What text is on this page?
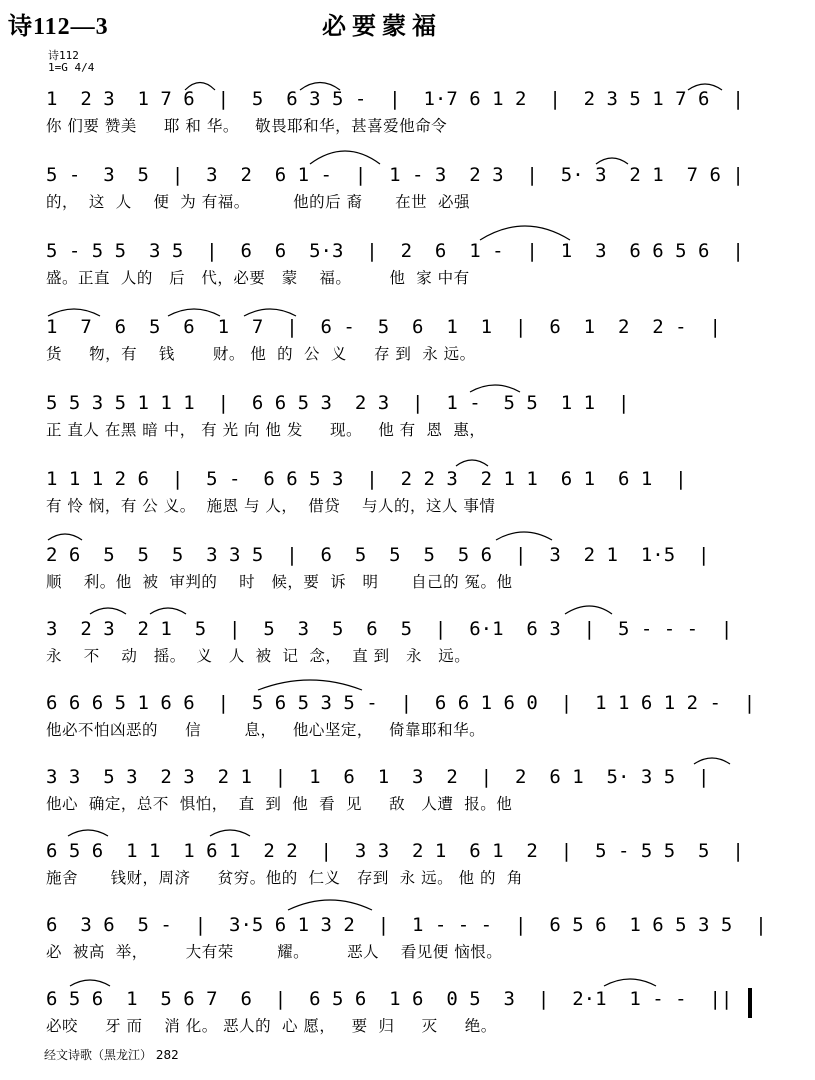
诗112—3	必要蒙福
诗112
1=G 4/4
1  2 3  1 7 6  |  5  6 3 5 -  |  1·7 6 1 2  |  2 3 5 1 7 6  |
你 们要 赞美     耶 和 华。   敬畏耶和华，甚喜爱他命令
5 -  3  5  |  3  2  6 1 -  |  1 - 3  2 3  |  5· 3  2 1  7 6 |
的，  这  人    便  为 有福。        他的后 裔      在世  必强
5 - 5 5  3 5  |  6  6  5·3  |  2  6  1 -  |  1  3  6 6 5 6  |
盛。正直  人的   后   代，必要   蒙    福。       他  家 中有
1  7  6  5  6  1  7  |  6 -  5  6  1  1  |  6  1  2  2 -  |
货     物，有    钱       财。 他  的  公  义     存 到  永 远。
5 5 3 5 1 1 1  |  6 6 5 3  2 3  |  1 -  5 5  1 1  |
正 直人 在黑 暗 中， 有 光 向 他 发     现。   他 有  恩  惠，
1 1 1 2 6  |  5 -  6 6 5 3  |  2 2 3  2 1 1  6 1  6 1  |
有 怜 悯，有 公 义。  施恩 与 人，  借贷    与人的，这人 事情
2 6  5  5  5  3 3 5  |  6  5  5  5  5 6  |  3  2 1  1·5  |
顺    利。他  被  审判的    时   候，要  诉   明      自己的 冤。他
3  2 3  2 1  5  |  5  3  5  6  5  |  6·1  6 3  |  5 - - -  |
永    不    动   摇。  义   人  被  记  念，  直 到   永   远。
6 6 6 5 1 6 6  |  5 6 5 3 5 -  |  6 6 1 6 0  |  1 1 6 1 2 -  |
他必不怕凶恶的     信        息，   他心坚定，   倚靠耶和华。
3 3  5 3  2 3  2 1  |  1  6  1  3  2  |  2  6 1  5· 3 5  |
他心  确定，总不  惧怕，  直  到  他  看  见     敌   人遭  报。他
6 5 6  1 1  1 6 1  2 2  |  3 3  2 1  6 1  2  |  5 - 5 5  5  |
施舍      钱财，周济     贫穷。他的  仁义   存到  永 远。 他 的  角
6  3 6  5 -  |  3·5 6 1 3 2  |  1 - - -  |  6 5 6  1 6 5 3 5  |
必  被高  举，       大有荣        耀。       恶人    看见便 恼恨。
6 5 6  1  5 6 7  6  |  6 5 6  1 6  0 5  3  |  2·1  1 - -  ||
必咬     牙 而    消 化。 恶人的  心 愿，   要  归     灭     绝。
经文诗歌（黑龙江） 282
